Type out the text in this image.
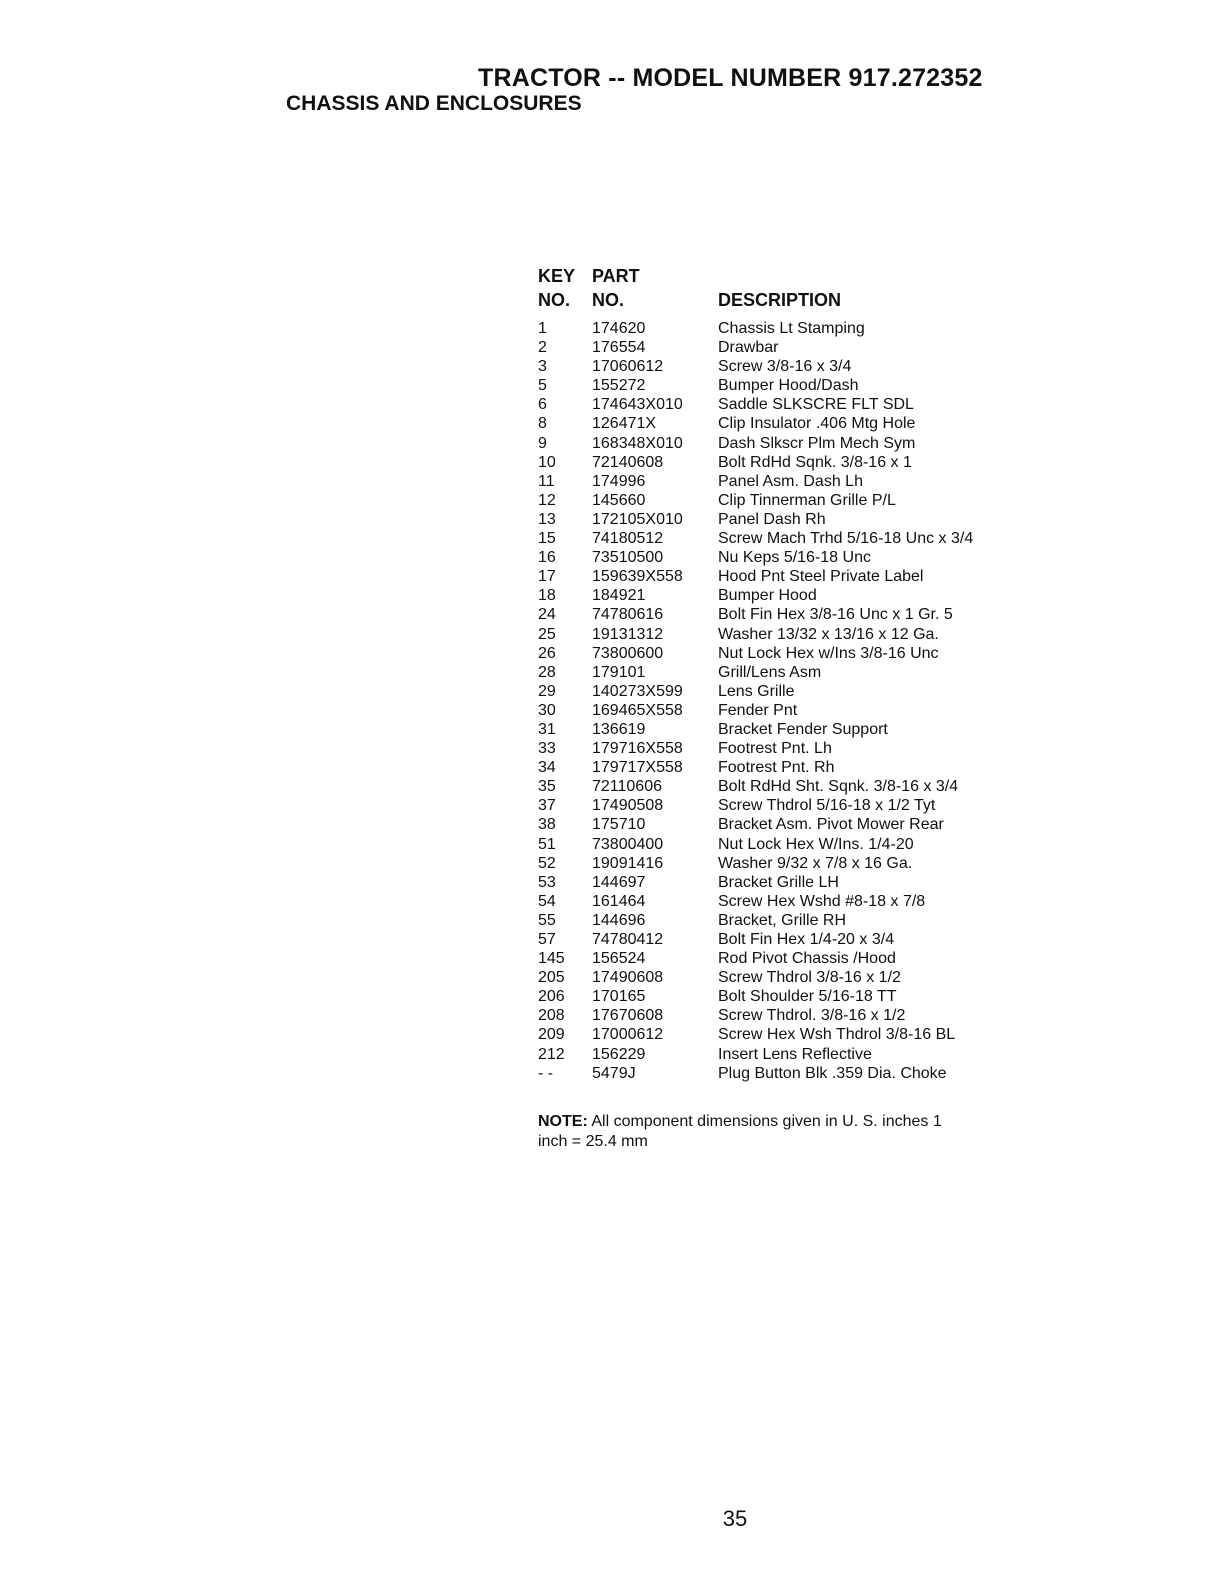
TRACTOR -- MODEL NUMBER 917.272352
CHASSIS AND ENCLOSURES
KEY PART
NO. NO.	DESCRIPTION
1	174620	Chassis Lt Stamping
2	176554	Drawbar
3	17060612	Screw 3/8-16 x 3/4
5	155272	Bumper Hood/Dash
6	174643X010 Saddle SLKSCRE FLT SDL
8	126471X	Clip Insulator .406 Mtg Hole
9	168348X010 Dash Slkscr Plm Mech Sym
10 72140608	Bolt RdHd Sqnk. 3/8-16 x 1
11 174996	Panel Asm. Dash Lh
12 145660	Clip Tinnerman Grille P/L
13 172105X010 Panel Dash Rh
15 74180512	Screw Mach Trhd 5/16-18 Unc x 3/4
16 73510500	Nu Keps 5/16-18 Unc
17 159639X558 Hood Pnt Steel Private Label
18 184921	Bumper Hood
24 74780616	Bolt Fin Hex 3/8-16 Unc x 1 Gr. 5
25 19131312	Washer 13/32 x 13/16 x 12 Ga.
26 73800600	Nut Lock Hex w/Ins 3/8-16 Unc
28 179101	Grill/Lens Asm
29 140273X599 Lens Grille
30 169465X558 Fender Pnt
31 136619	Bracket Fender Support
33 179716X558 Footrest Pnt. Lh
34 179717X558 Footrest Pnt. Rh
35 72110606	Bolt RdHd Sht. Sqnk. 3/8-16 x 3/4
37 17490508	Screw Thdrol 5/16-18 x 1/2 Tyt
38 175710	Bracket Asm. Pivot Mower Rear
51 73800400	Nut Lock Hex W/Ins. 1/4-20
52 19091416	Washer 9/32 x 7/8 x 16 Ga.
53 144697	Bracket Grille LH
54 161464	Screw Hex Wshd #8-18 x 7/8
55 144696	Bracket, Grille RH
57 74780412	Bolt Fin Hex 1/4-20 x 3/4
145 156524	Rod Pivot Chassis /Hood
205 17490608	Screw Thdrol 3/8-16 x 1/2
206 170165	Bolt Shoulder 5/16-18 TT
208 17670608	Screw Thdrol. 3/8-16 x 1/2
209 17000612	Screw Hex Wsh Thdrol 3/8-16 BL
212 156229	Insert Lens Reflective
- - 5479J	Plug Button Blk .359 Dia. Choke
NOTE: All component dimensions given in U. S. inches 1 inch = 25.4 mm
35
